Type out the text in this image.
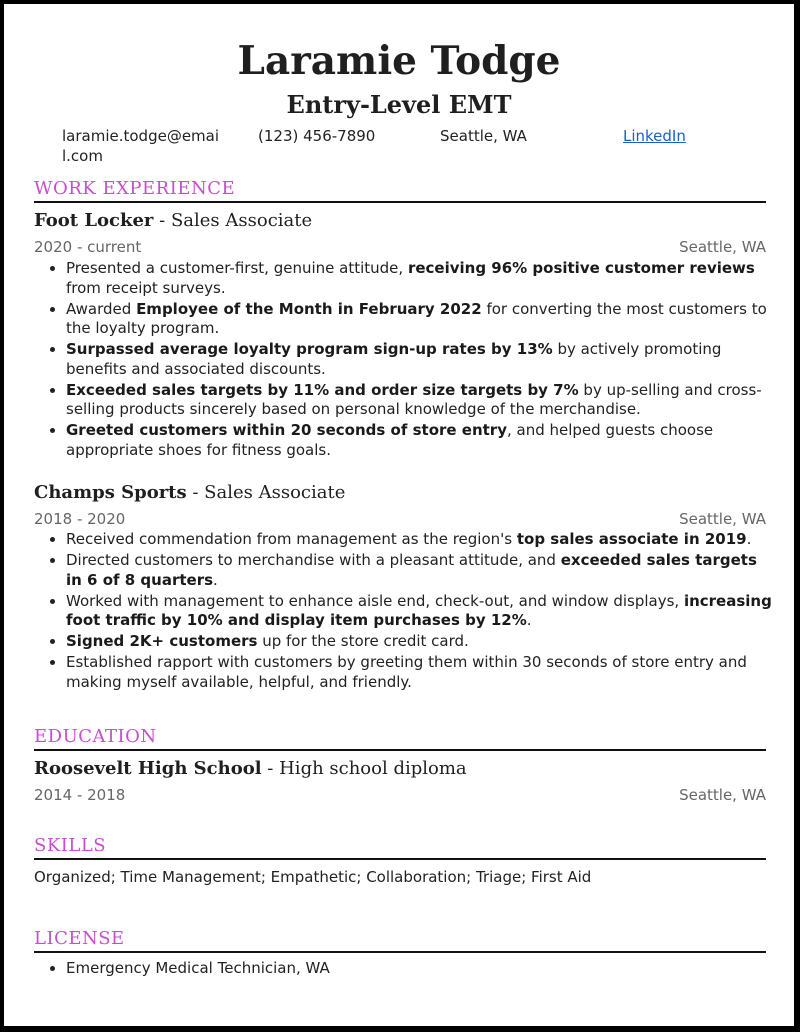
Laramie Todge
Entry-Level EMT
laramie.todge@email.com
(123) 456-7890	Seattle, WA	LinkedIn
WORK EXPERIENCE
Foot Locker - Sales Associate
2020 - current	Seattle, WA
• Presented a customer-first, genuine attitude, receiving 96% positive customer reviews from receipt surveys.
• Awarded Employee of the Month in February 2022 for converting the most customers to the loyalty program.
• Surpassed average loyalty program sign-up rates by 13% by actively promoting benefits and associated discounts.
• Exceeded sales targets by 11% and order size targets by 7% by up-selling and cross-selling products sincerely based on personal knowledge of the merchandise.
• Greeted customers within 20 seconds of store entry, and helped guests choose appropriate shoes for fitness goals.
Champs Sports - Sales Associate
2018 - 2020	Seattle, WA
• Received commendation from management as the region's top sales associate in 2019.
• Directed customers to merchandise with a pleasant attitude, and exceeded sales targets in 6 of 8 quarters.
• Worked with management to enhance aisle end, check-out, and window displays, increasing foot traffic by 10% and display item purchases by 12%.
• Signed 2K+ customers up for the store credit card.
• Established rapport with customers by greeting them within 30 seconds of store entry and making myself available, helpful, and friendly.
EDUCATION
Roosevelt High School - High school diploma
2014 - 2018	Seattle, WA
SKILLS
Organized; Time Management; Empathetic; Collaboration; Triage; First Aid
LICENSE
• Emergency Medical Technician, WA
